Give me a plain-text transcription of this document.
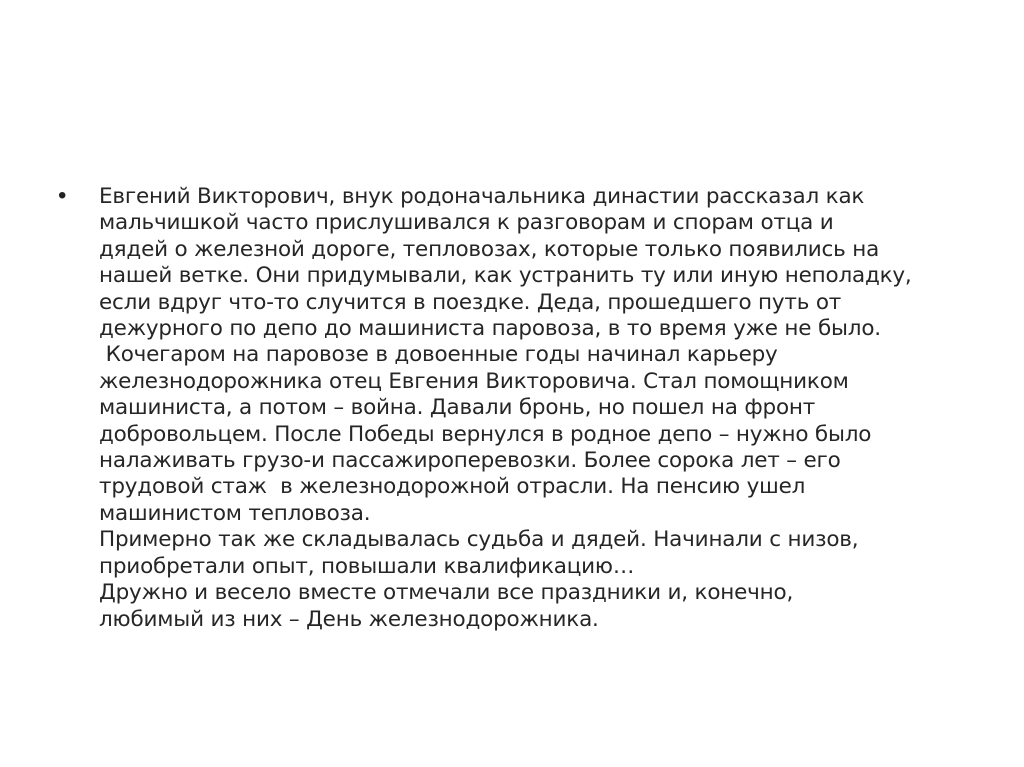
•	Евгений Викторович, внук родоначальника династии рассказал как
мальчишкой часто прислушивался к разговорам и спорам отца и
дядей о железной дороге, тепловозах, которые только появились на
нашей ветке. Они придумывали, как устранить ту или иную неполадку,
если вдруг что-то случится в поездке. Деда, прошедшего путь от
дежурного по депо до машиниста паровоза, в то время уже не было.
Кочегаром на паровозе в довоенные годы начинал карьеру
железнодорожника отец Евгения Викторовича. Стал помощником
машиниста, а потом – война. Давали бронь, но пошел на фронт
добровольцем. После Победы вернулся в родное депо – нужно было
налаживать грузо-и пассажироперевозки. Более сорока лет – его
трудовой стаж  в железнодорожной отрасли. На пенсию ушел
машинистом тепловоза.
Примерно так же складывалась судьба и дядей. Начинали с низов,
приобретали опыт, повышали квалификацию…
Дружно и весело вместе отмечали все праздники и, конечно,
любимый из них – День железнодорожника.
